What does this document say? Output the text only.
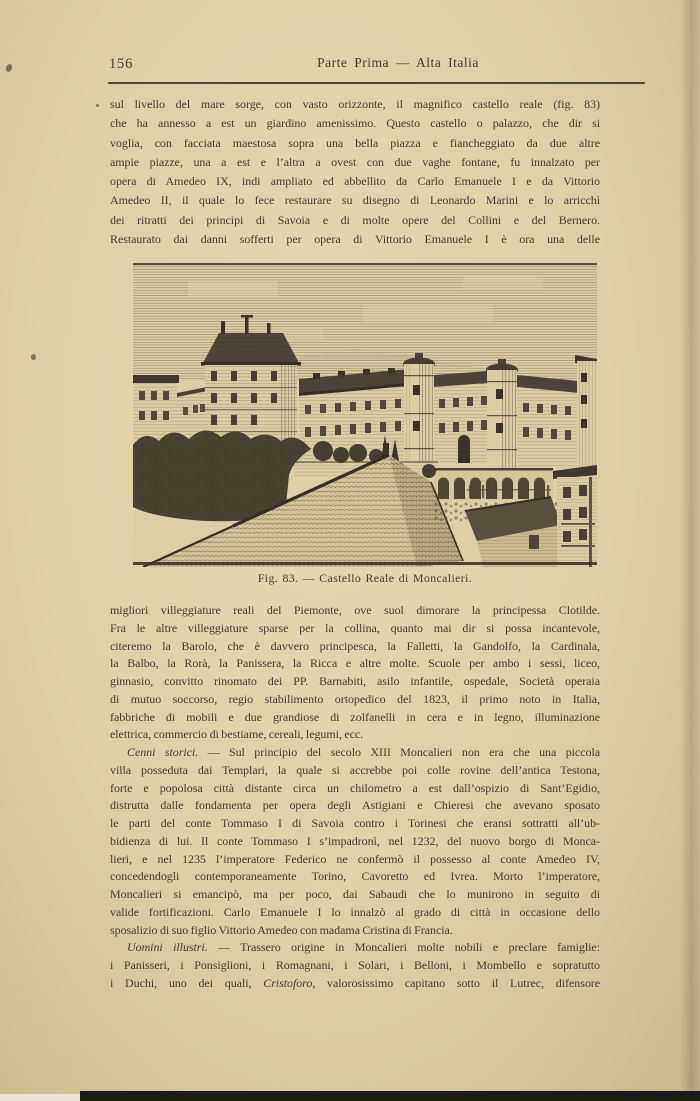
156	Parte Prima — Alta Italia
sul livello del mare sorge, con vasto orizzonte, il magnifico castello reale (fig. 83)
che ha annesso a est un giardino amenissimo. Questo castello o palazzo, che dir si
voglia, con facciata maestosa sopra una bella piazza e fiancheggiato da due altre
ampie piazze, una a est e l’altra a ovest con due vaghe fontane, fu innalzato per
opera di Amedeo IX, indi ampliato ed abbellito da Carlo Emanuele I e da Vittorio
Amedeo II, il quale lo fece restaurare su disegno di Leonardo Marini e lo arricchì
dei ritratti dei principi di Savoia e di molte opere del Collini e del Bernero.
Restaurato dai danni sofferti per opera di Vittorio Emanuele I è ora una delle
Fig. 83. — Castello Reale di Moncalieri.
migliori villeggiature reali del Piemonte, ove suol dimorare la principessa Clotilde.
Fra le altre villeggiature sparse per la collina, quanto mai dir si possa incantevole,
citeremo la Barolo, che è davvero principesca, la Falletti, la Gandolfo, la Cardinala,
la Balbo, la Rorà, la Panissera, la Ricca e altre molte. Scuole per ambo i sessi, liceo,
ginnasio, convitto rinomato dei PP. Barnabiti, asilo infantile, ospedale, Società operaia
di mutuo soccorso, regio stabilimento ortopedico del 1823, il primo noto in Italia,
fabbriche di mobili e due grandiose di zolfanelli in cera e in legno, illuminazione
elettrica, commercio di bestiame, cereali, legumi, ecc.
Cenni storici. — Sul principio del secolo XIII Moncalieri non era che una piccola
villa posseduta dai Templari, la quale si accrebbe poi colle rovine dell’antica Testona,
forte e popolosa città distante circa un chilometro a est dall’ospizio di Sant’Egidio,
distrutta dalle fondamenta per opera degli Astigiani e Chieresi che avevano sposato
le parti del conte Tommaso I di Savoia contro i Torinesi che eransi sottratti all’ub-
bidienza di lui. Il conte Tommaso I s’impadronì, nel 1232, del nuovo borgo di Monca-
lieri, e nel 1235 l’imperatore Federico ne confermò il possesso al conte Amedeo IV,
concedendogli contemporaneamente Torino, Cavoretto ed Ivrea. Morto l’imperatore,
Moncalieri si emancipò, ma per poco, dai Sabaudi che lo munirono in seguito di
valide fortificazioni. Carlo Emanuele I lo innalzò al grado di città in occasione dello
sposalizio di suo figlio Vittorio Amedeo con madama Cristina di Francia.
Uomini illustri. — Trassero origine in Moncalieri molte nobili e preclare famiglie:
i Panisseri, i Ponsiglioni, i Romagnani, i Solari, i Belloni, i Mombello e sopratutto
i Duchi, uno dei quali, Cristoforo, valorosissimo capitano sotto il Lutrec, difensore
